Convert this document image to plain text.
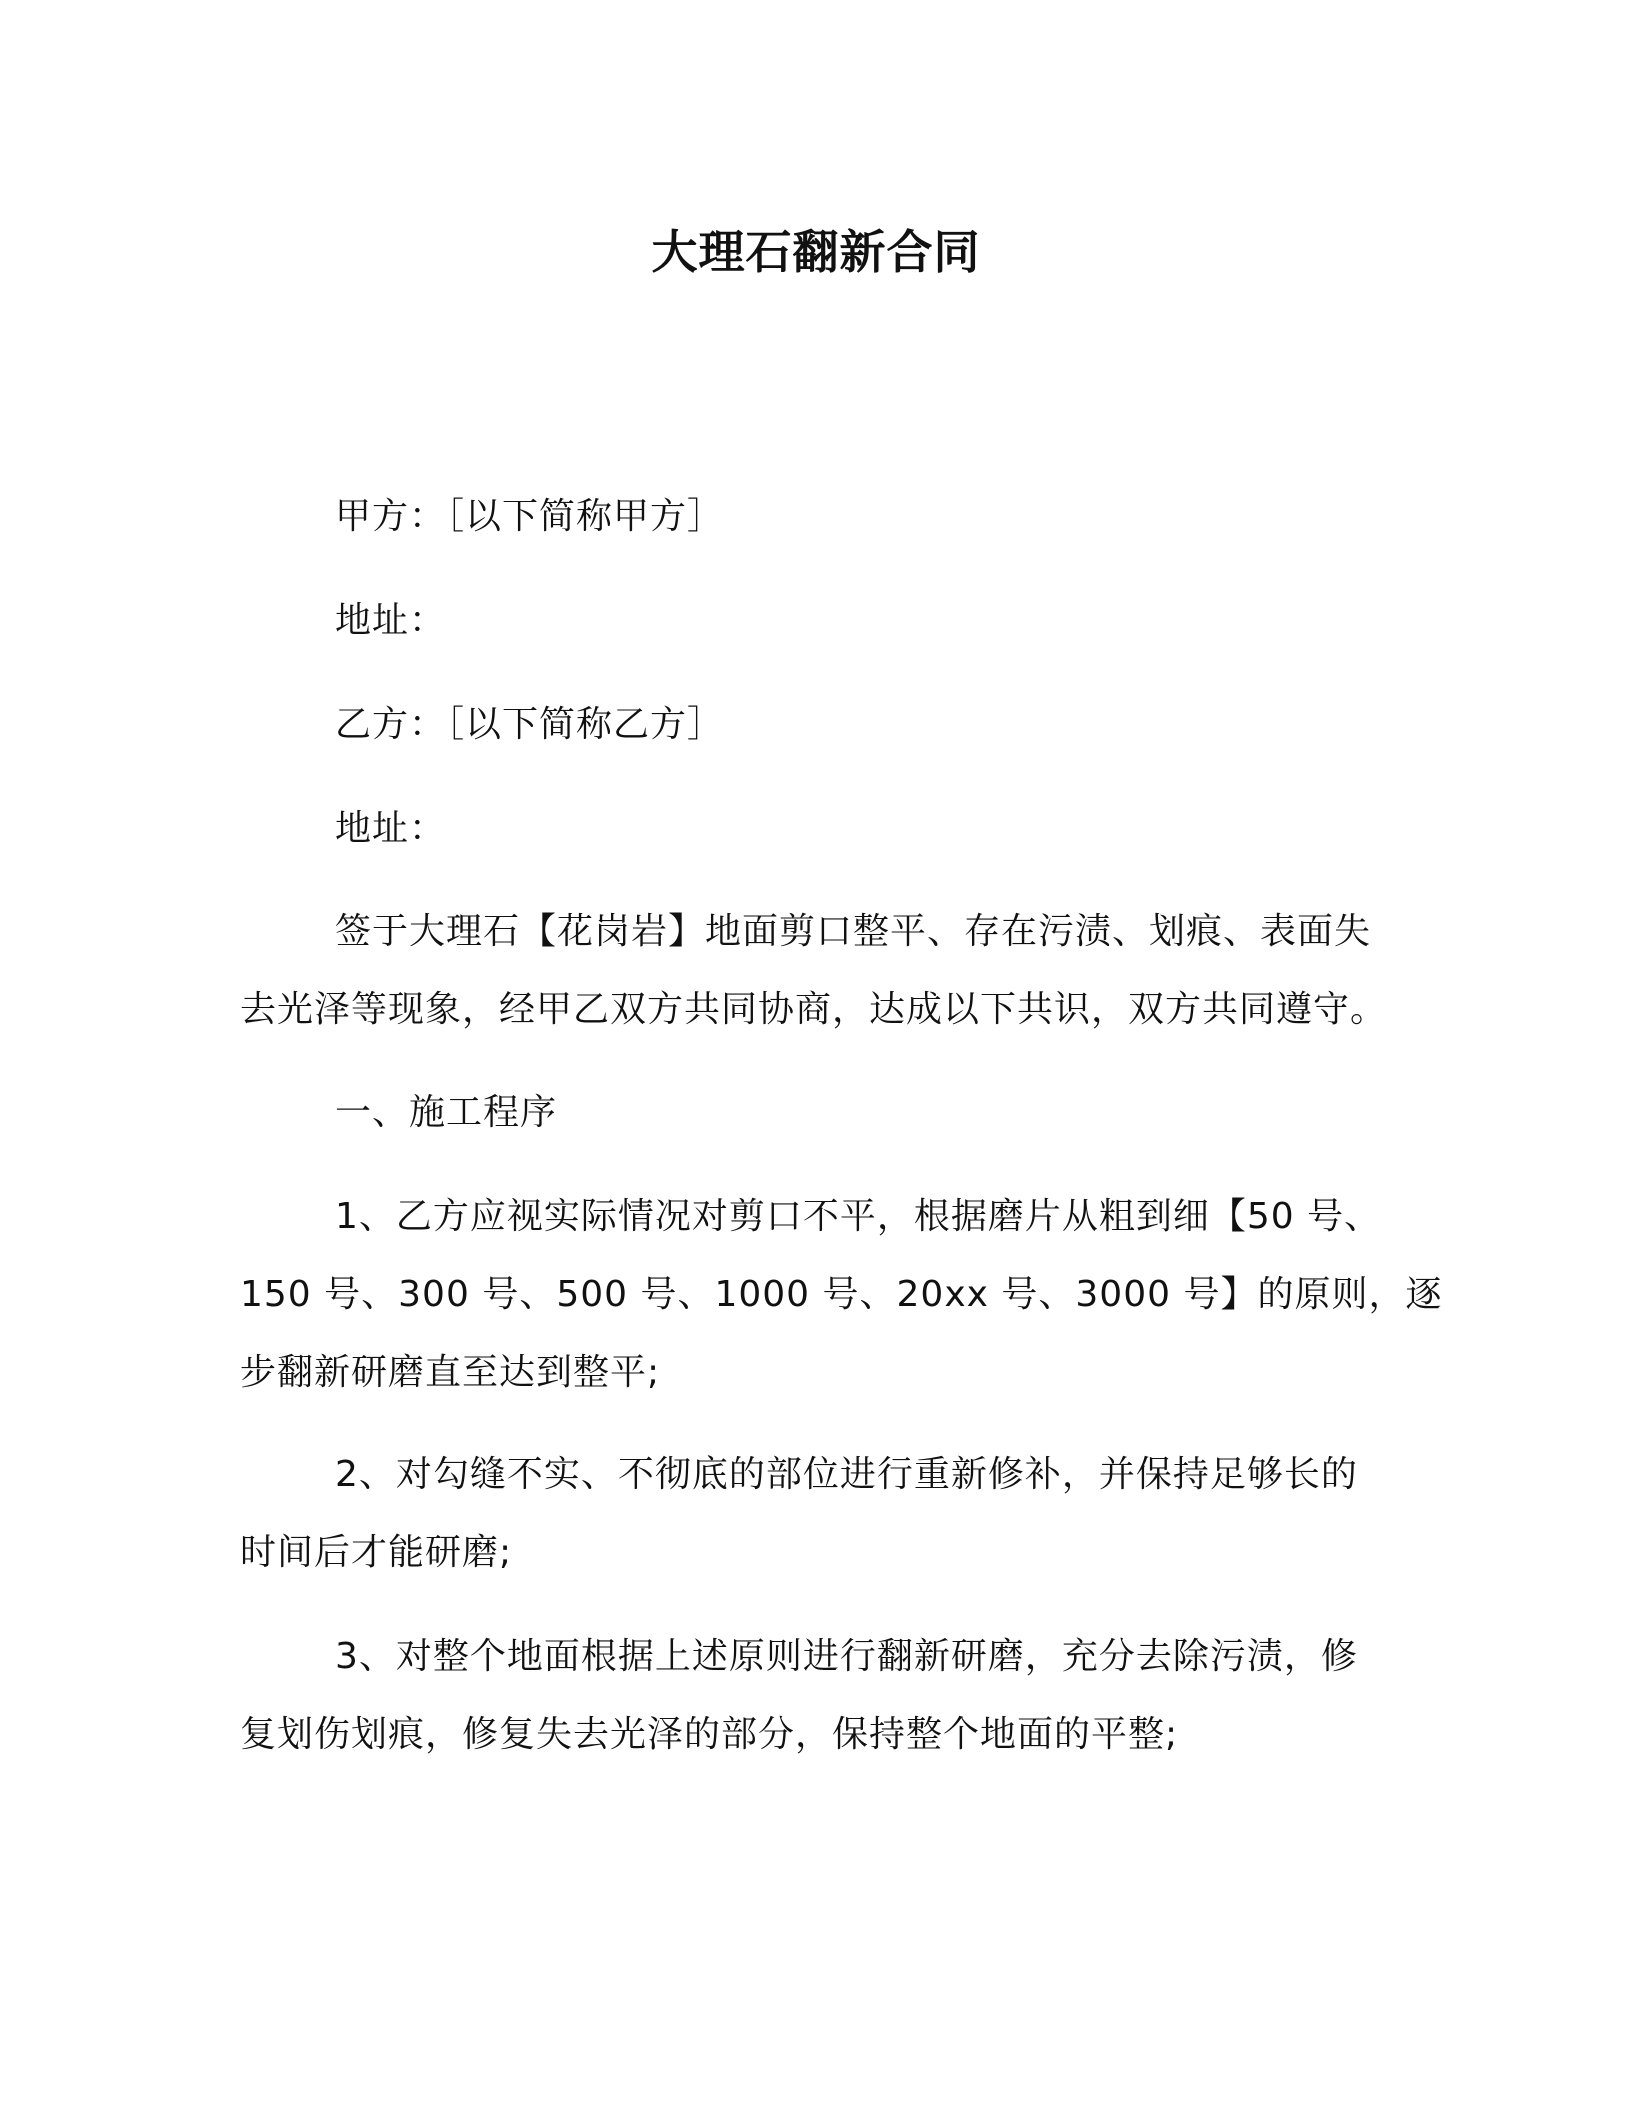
大理石翻新合同
甲方：［以下简称甲方］
地址：
乙方：［以下简称乙方］
地址：
签于大理石【花岗岩】地面剪口整平、存在污渍、划痕、表面失
去光泽等现象，经甲乙双方共同协商，达成以下共识，双方共同遵守。
一、施工程序
1、乙方应视实际情况对剪口不平，根据磨片从粗到细【50 号、
150 号、300 号、500 号、1000 号、20xx 号、3000 号】的原则，逐
步翻新研磨直至达到整平;
2、对勾缝不实、不彻底的部位进行重新修补，并保持足够长的
时间后才能研磨;
3、对整个地面根据上述原则进行翻新研磨，充分去除污渍，修
复划伤划痕，修复失去光泽的部分，保持整个地面的平整;
